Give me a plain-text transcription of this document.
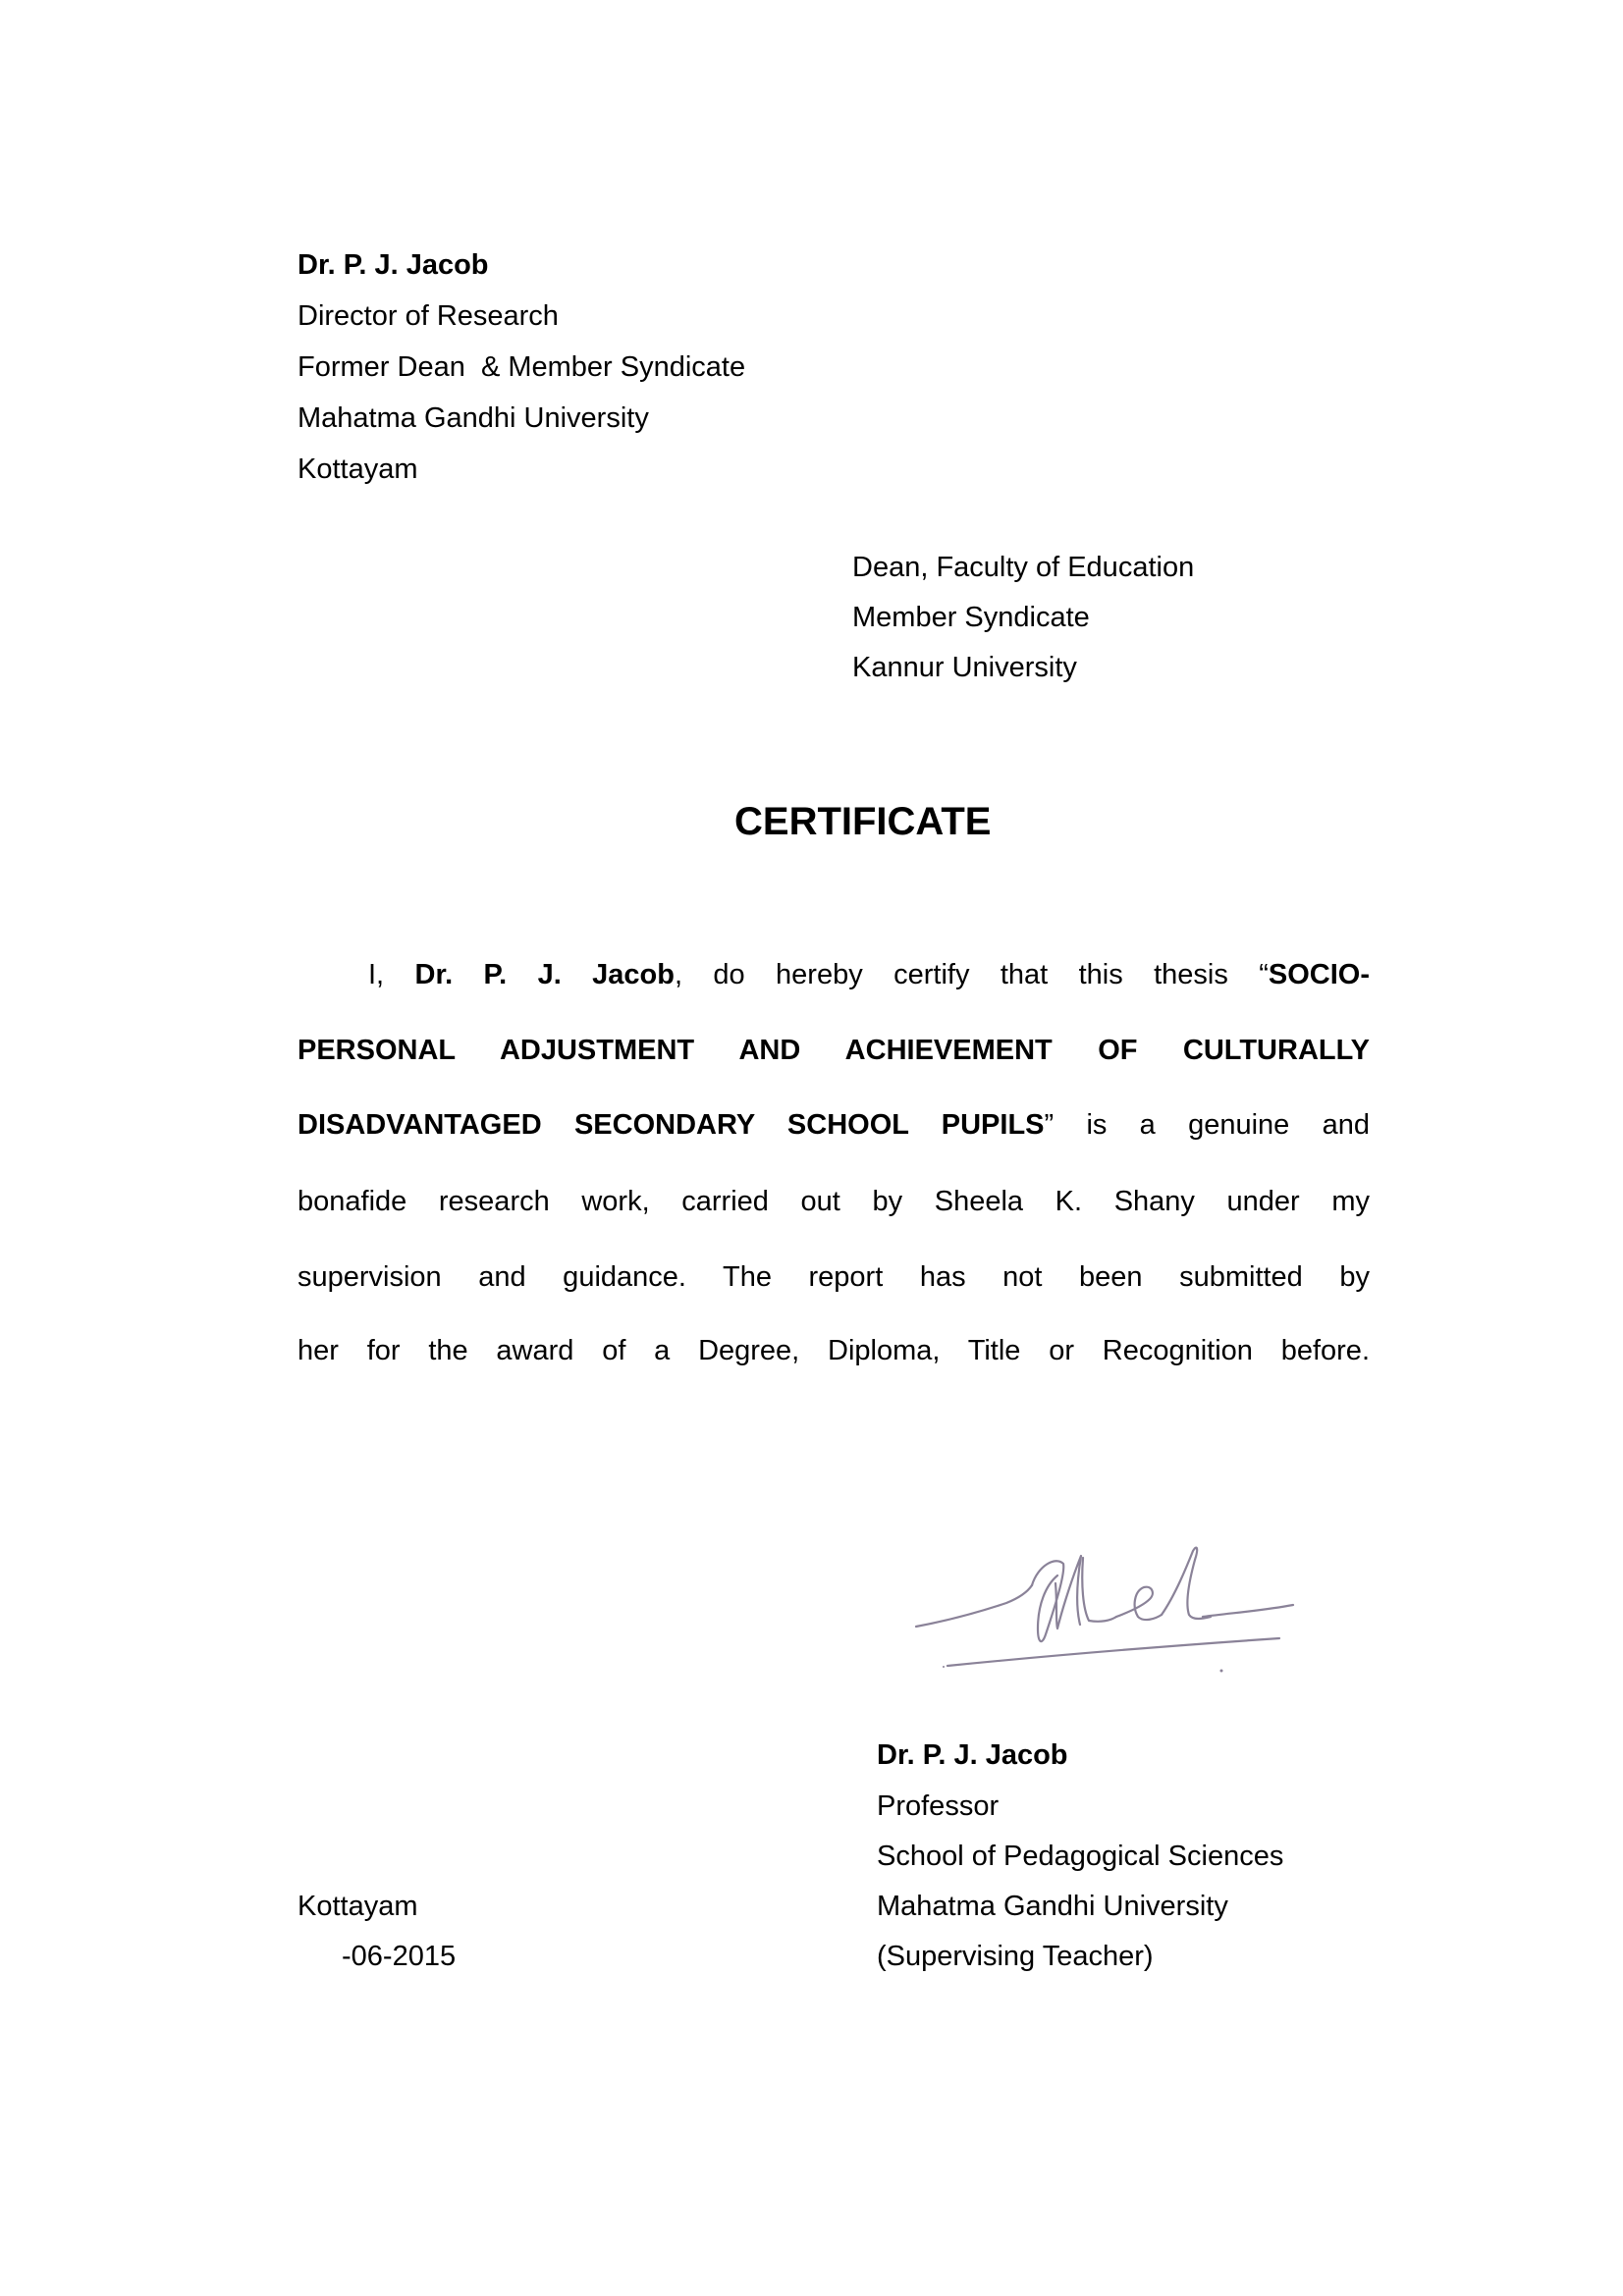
Dr. P. J. Jacob
Director of Research
Former Dean  & Member Syndicate
Mahatma Gandhi University
Kottayam
Dean, Faculty of Education
Member Syndicate
Kannur University
CERTIFICATE
I, Dr. P. J. Jacob, do hereby certify that this thesis “SOCIO-
PERSONAL ADJUSTMENT AND ACHIEVEMENT OF CULTURALLY
DISADVANTAGED SECONDARY SCHOOL PUPILS” is a genuine and
bonafide research work, carried out by Sheela K. Shany under my
supervision and guidance. The report has not been submitted by
her for the award of a Degree, Diploma, Title or Recognition before.
Dr. P. J. Jacob
Professor
School of Pedagogical Sciences
Mahatma Gandhi University
(Supervising Teacher)
Kottayam
-06-2015
